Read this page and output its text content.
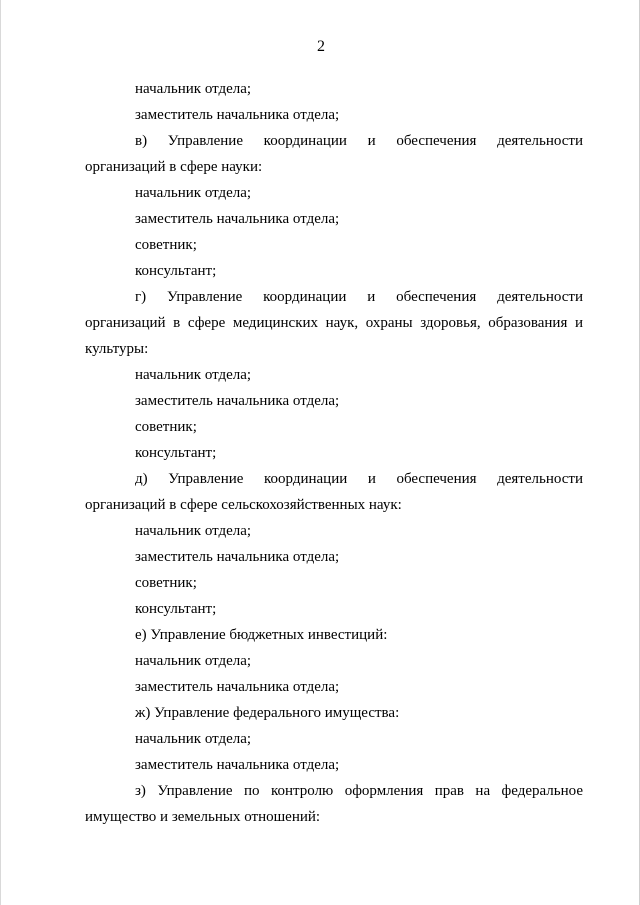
2
начальник отдела;
заместитель начальника отдела;
в) Управление координации и обеспечения деятельности
организаций в сфере науки:
начальник отдела;
заместитель начальника отдела;
советник;
консультант;
г) Управление координации и обеспечения деятельности
организаций в сфере медицинских наук, охраны здоровья, образования и
культуры:
начальник отдела;
заместитель начальника отдела;
советник;
консультант;
д) Управление координации и обеспечения деятельности
организаций в сфере сельскохозяйственных наук:
начальник отдела;
заместитель начальника отдела;
советник;
консультант;
е) Управление бюджетных инвестиций:
начальник отдела;
заместитель начальника отдела;
ж) Управление федерального имущества:
начальник отдела;
заместитель начальника отдела;
з) Управление по контролю оформления прав на федеральное
имущество и земельных отношений:
